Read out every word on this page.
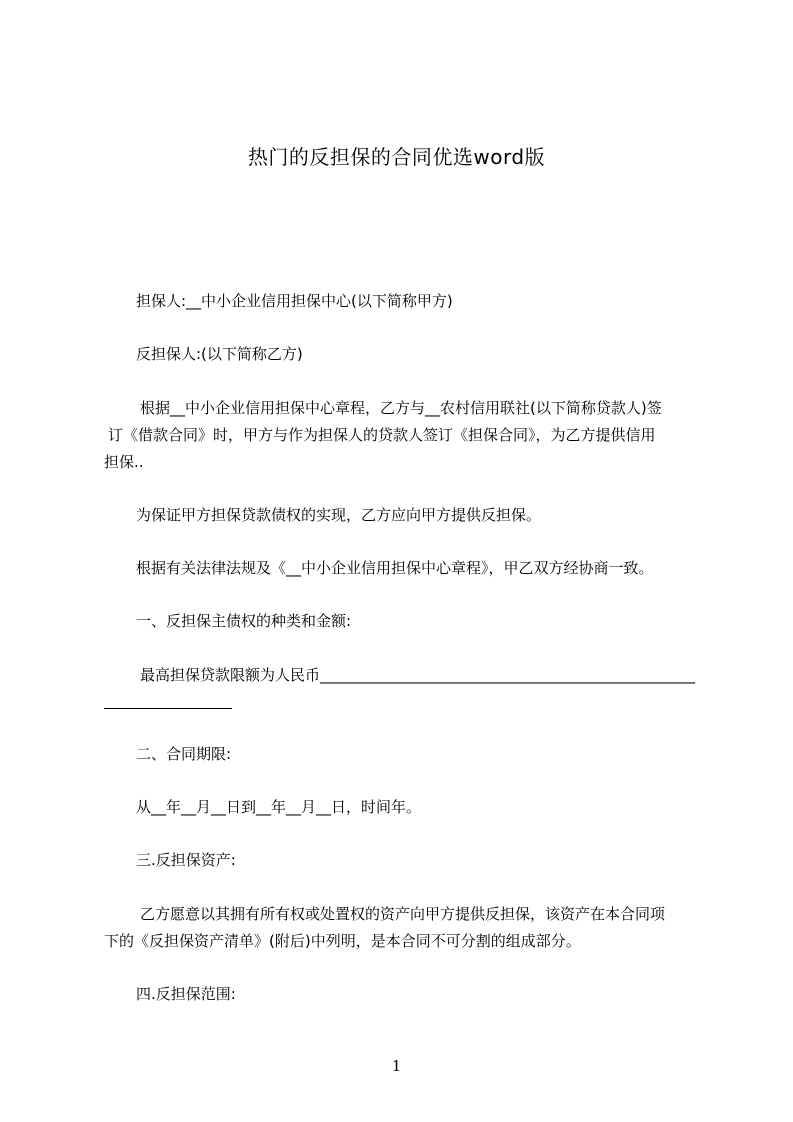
热门的反担保的合同优选word版
担保人:__中小企业信用担保中心(以下简称甲方)
反担保人:(以下简称乙方)
根据__中小企业信用担保中心章程，乙方与__农村信用联社(以下简称贷款人)签
订《借款合同》时，甲方与作为担保人的贷款人签订《担保合同》，为乙方提供信用
担保..
为保证甲方担保贷款债权的实现，乙方应向甲方提供反担保。
根据有关法律法规及《__中小企业信用担保中心章程》，甲乙双方经协商一致。
一、反担保主债权的种类和金额:
最高担保贷款限额为人民币__________________________________________________
二、合同期限:
从__年__月__日到__年__月__日，时间年。
三.反担保资产:
乙方愿意以其拥有所有权或处置权的资产向甲方提供反担保，该资产在本合同项
下的《反担保资产清单》(附后)中列明，是本合同不可分割的组成部分。
四.反担保范围:
1
